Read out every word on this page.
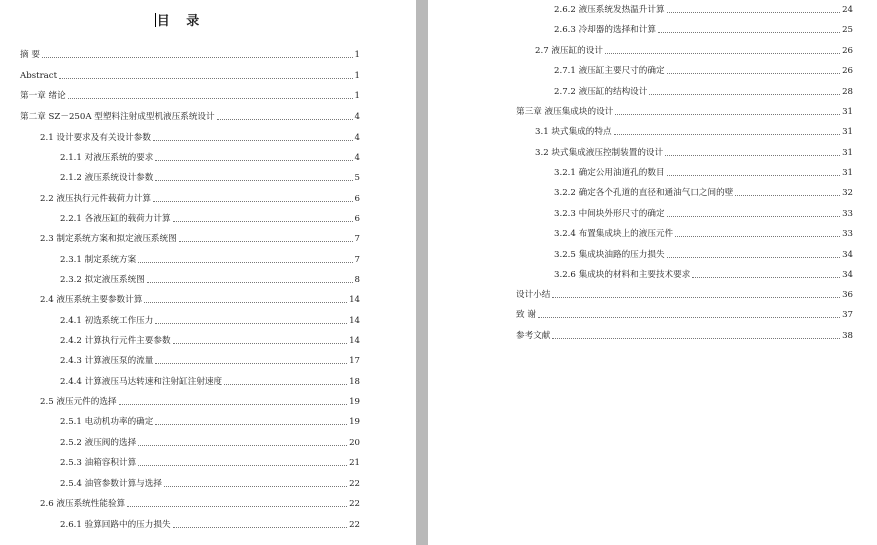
目 录
摘 要	1
Abstract	1
第一章 绪论	1
第二章 SZ－250A 型塑料注射成型机液压系统设计	4
2.1 设计要求及有关设计参数	4
2.1.1 对液压系统的要求	4
2.1.2 液压系统设计参数	5
2.2 液压执行元件载荷力计算	6
2.2.1 各液压缸的载荷力计算	6
2.3 制定系统方案和拟定液压系统图	7
2.3.1 制定系统方案	7
2.3.2 拟定液压系统图	8
2.4 液压系统主要参数计算	14
2.4.1 初选系统工作压力	14
2.4.2 计算执行元件主要参数	14
2.4.3 计算液压泵的流量	17
2.4.4 计算液压马达转速和注射缸注射速度	18
2.5 液压元件的选择	19
2.5.1 电动机功率的确定	19
2.5.2 液压阀的选择	20
2.5.3 油箱容积计算	21
2.5.4 油管参数计算与选择	22
2.6 液压系统性能验算	22
2.6.1 验算回路中的压力损失	22
2.6.2 液压系统发热温升计算	24
2.6.3 冷却器的选择和计算	25
2.7 液压缸的设计	26
2.7.1 液压缸主要尺寸的确定	26
2.7.2 液压缸的结构设计	28
第三章 液压集成块的设计	31
3.1 块式集成的特点	31
3.2 块式集成液压控制装置的设计	31
3.2.1 确定公用油道孔的数目	31
3.2.2 确定各个孔道的直径和通油气口之间的壁	32
3.2.3 中间块外形尺寸的确定	33
3.2.4 布置集成块上的液压元件	33
3.2.5 集成块油路的压力损失	34
3.2.6 集成块的材料和主要技术要求	34
设计小结	36
致 谢	37
参考文献	38
